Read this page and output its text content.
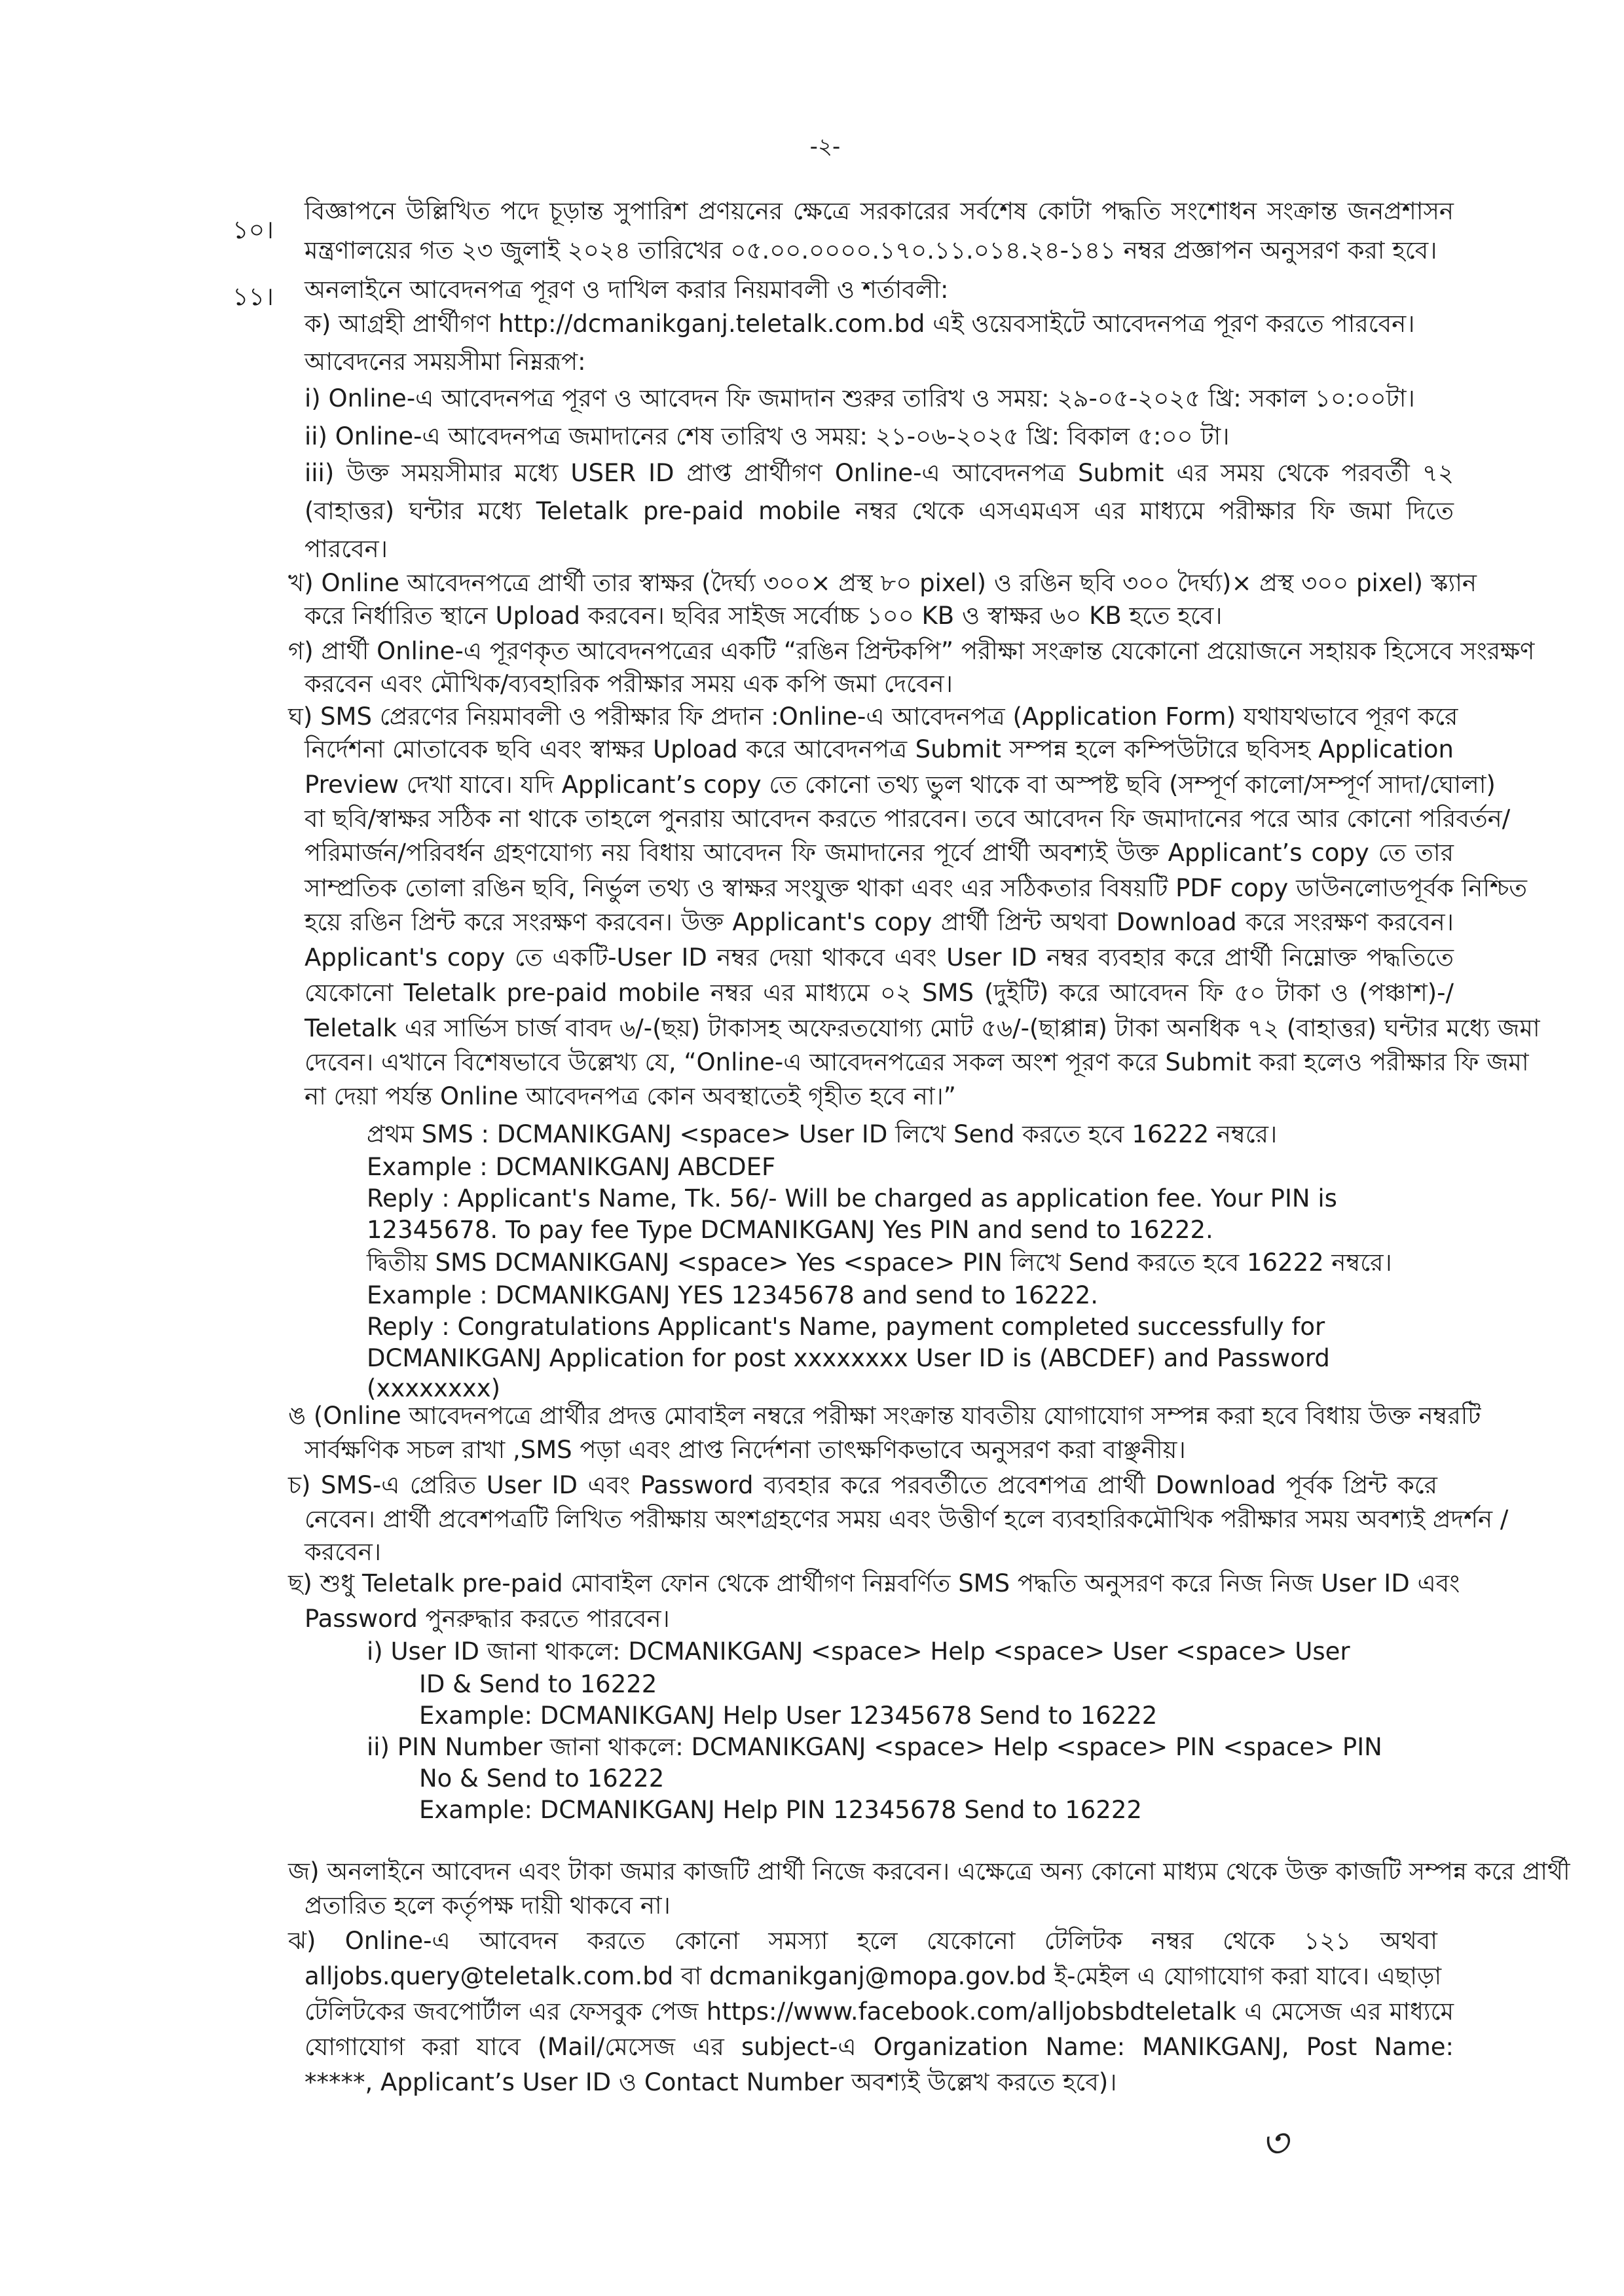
-২-
১০।
বিজ্ঞাপনে উল্লিখিত পদে চূড়ান্ত সুপারিশ প্রণয়নের ক্ষেত্রে সরকারের সর্বশেষ কোটা পদ্ধতি সংশোধন সংক্রান্ত জনপ্রশাসন
মন্ত্রণালয়ের গত ২৩ জুলাই ২০২৪ তারিখের ০৫.০০.০০০০.১৭০.১১.০১৪.২৪-১৪১ নম্বর প্রজ্ঞাপন অনুসরণ করা হবে।
১১। অনলাইনে আবেদনপত্র পূরণ ও দাখিল করার নিয়মাবলী ও শর্তাবলী:
ক) আগ্রহী প্রার্থীগণ http://dcmanikganj.teletalk.com.bd এই ওয়েবসাইটে আবেদনপত্র পূরণ করতে পারবেন।
আবেদনের সময়সীমা নিম্নরূপ:
i) Online-এ আবেদনপত্র পূরণ ও আবেদন ফি জমাদান শুরুর তারিখ ও সময়: ২৯-০৫-২০২৫ খ্রি: সকাল ১০:০০টা।
ii) Online-এ আবেদনপত্র জমাদানের শেষ তারিখ ও সময়: ২১-০৬-২০২৫ খ্রি: বিকাল ৫:০০ টা।
iii) উক্ত সময়সীমার মধ্যে USER ID প্রাপ্ত প্রার্থীগণ Online-এ আবেদনপত্র Submit এর সময় থেকে পরবর্তী ৭২
(বাহাত্তর) ঘন্টার মধ্যে Teletalk pre-paid mobile নম্বর থেকে এসএমএস এর মাধ্যমে পরীক্ষার ফি জমা দিতে
পারবেন।
খ) Online আবেদনপত্রে প্রার্থী তার স্বাক্ষর (দৈর্ঘ্য ৩০০× প্রস্থ ৮০ pixel) ও রঙিন ছবি ৩০০ দৈর্ঘ্য)× প্রস্থ ৩০০ pixel) স্ক্যান
করে নির্ধারিত স্থানে Upload করবেন। ছবির সাইজ সর্বোচ্চ ১০০ KB ও স্বাক্ষর ৬০ KB হতে হবে।
গ) প্রার্থী Online-এ পূরণকৃত আবেদনপত্রের একটি “রঙিন প্রিন্টকপি” পরীক্ষা সংক্রান্ত যেকোনো প্রয়োজনে সহায়ক হিসেবে সংরক্ষণ
করবেন এবং মৌখিক/ব্যবহারিক পরীক্ষার সময় এক কপি জমা দেবেন।
ঘ) SMS প্রেরণের নিয়মাবলী ও পরীক্ষার ফি প্রদান :Online-এ আবেদনপত্র (Application Form) যথাযথভাবে পূরণ করে
নির্দেশনা মোতাবেক ছবি এবং স্বাক্ষর Upload করে আবেদনপত্র Submit সম্পন্ন হলে কম্পিউটারে ছবিসহ Application
Preview দেখা যাবে। যদি Applicant’s copy তে কোনো তথ্য ভুল থাকে বা অস্পষ্ট ছবি (সম্পূর্ণ কালো/সম্পূর্ণ সাদা/ঘোলা)
বা ছবি/স্বাক্ষর সঠিক না থাকে তাহলে পুনরায় আবেদন করতে পারবেন। তবে আবেদন ফি জমাদানের পরে আর কোনো পরিবর্তন/
পরিমার্জন/পরিবর্ধন গ্রহণযোগ্য নয় বিধায় আবেদন ফি জমাদানের পূর্বে প্রার্থী অবশ্যই উক্ত Applicant’s copy তে তার
সাম্প্রতিক তোলা রঙিন ছবি, নির্ভুল তথ্য ও স্বাক্ষর সংযুক্ত থাকা এবং এর সঠিকতার বিষয়টি PDF copy ডাউনলোডপূর্বক নিশ্চিত
হয়ে রঙিন প্রিন্ট করে সংরক্ষণ করবেন। উক্ত Applicant's copy প্রার্থী প্রিন্ট অথবা Download করে সংরক্ষণ করবেন।
Applicant's copy তে একটি-User ID নম্বর দেয়া থাকবে এবং User ID নম্বর ব্যবহার করে প্রার্থী নিম্নোক্ত পদ্ধতিতে
যেকোনো Teletalk pre-paid mobile নম্বর এর মাধ্যমে ০২ SMS (দুইটি) করে আবেদন ফি ৫০ টাকা ও (পঞ্চাশ)-/
Teletalk এর সার্ভিস চার্জ বাবদ ৬/-(ছয়) টাকাসহ অফেরতযোগ্য মোট ৫৬/-(ছাপ্পান্ন) টাকা অনধিক ৭২ (বাহাত্তর) ঘন্টার মধ্যে জমা
দেবেন। এখানে বিশেষভাবে উল্লেখ্য যে, “Online-এ আবেদনপত্রের সকল অংশ পূরণ করে Submit করা হলেও পরীক্ষার ফি জমা
না দেয়া পর্যন্ত Online আবেদনপত্র কোন অবস্থাতেই গৃহীত হবে না।”
প্রথম SMS : DCMANIKGANJ <space> User ID লিখে Send করতে হবে 16222 নম্বরে।
Example : DCMANIKGANJ ABCDEF
Reply : Applicant's Name, Tk. 56/- Will be charged as application fee. Your PIN is
12345678. To pay fee Type DCMANIKGANJ Yes PIN and send to 16222.
দ্বিতীয় SMS DCMANIKGANJ <space> Yes <space> PIN লিখে Send করতে হবে 16222 নম্বরে।
Example : DCMANIKGANJ YES 12345678 and send to 16222.
Reply : Congratulations Applicant's Name, payment completed successfully for
DCMANIKGANJ Application for post xxxxxxxx User ID is (ABCDEF) and Password
(xxxxxxxx)
ঙ (Online আবেদনপত্রে প্রার্থীর প্রদত্ত মোবাইল নম্বরে পরীক্ষা সংক্রান্ত যাবতীয় যোগাযোগ সম্পন্ন করা হবে বিধায় উক্ত নম্বরটি
সার্বক্ষণিক সচল রাখা ,SMS পড়া এবং প্রাপ্ত নির্দেশনা তাৎক্ষণিকভাবে অনুসরণ করা বাঞ্ছনীয়।
চ) SMS-এ প্রেরিত User ID এবং Password ব্যবহার করে পরবর্তীতে প্রবেশপত্র প্রার্থী Download পূর্বক প্রিন্ট করে
নেবেন। প্রার্থী প্রবেশপত্রটি লিখিত পরীক্ষায় অংশগ্রহণের সময় এবং উত্তীর্ণ হলে ব্যবহারিকমৌখিক পরীক্ষার সময় অবশ্যই প্রদর্শন /
করবেন।
ছ) শুধু Teletalk pre-paid মোবাইল ফোন থেকে প্রার্থীগণ নিম্নবর্ণিত SMS পদ্ধতি অনুসরণ করে নিজ নিজ User ID এবং
Password পুনরুদ্ধার করতে পারবেন।
i) User ID জানা থাকলে: DCMANIKGANJ <space> Help <space> User <space> User
ID & Send to 16222
Example: DCMANIKGANJ Help User 12345678 Send to 16222
ii) PIN Number জানা থাকলে: DCMANIKGANJ <space> Help <space> PIN <space> PIN
No & Send to 16222
Example: DCMANIKGANJ Help PIN 12345678 Send to 16222
জ) অনলাইনে আবেদন এবং টাকা জমার কাজটি প্রার্থী নিজে করবেন। এক্ষেত্রে অন্য কোনো মাধ্যম থেকে উক্ত কাজটি সম্পন্ন করে প্রার্থী
প্রতারিত হলে কর্তৃপক্ষ দায়ী থাকবে না।
ঝ) Online-এ আবেদন করতে কোনো সমস্যা হলে যেকোনো টেলিটক নম্বর থেকে ১২১ অথবা
alljobs.query@teletalk.com.bd বা dcmanikganj@mopa.gov.bd ই-মেইল এ যোগাযোগ করা যাবে। এছাড়া
টেলিটকের জবপোর্টাল এর ফেসবুক পেজ https://www.facebook.com/alljobsbdteletalk এ মেসেজ এর মাধ্যমে
যোগাযোগ করা যাবে (Mail/মেসেজ এর subject-এ Organization Name: MANIKGANJ, Post Name:
*****, Applicant’s User ID ও Contact Number অবশ্যই উল্লেখ করতে হবে)।
৩
